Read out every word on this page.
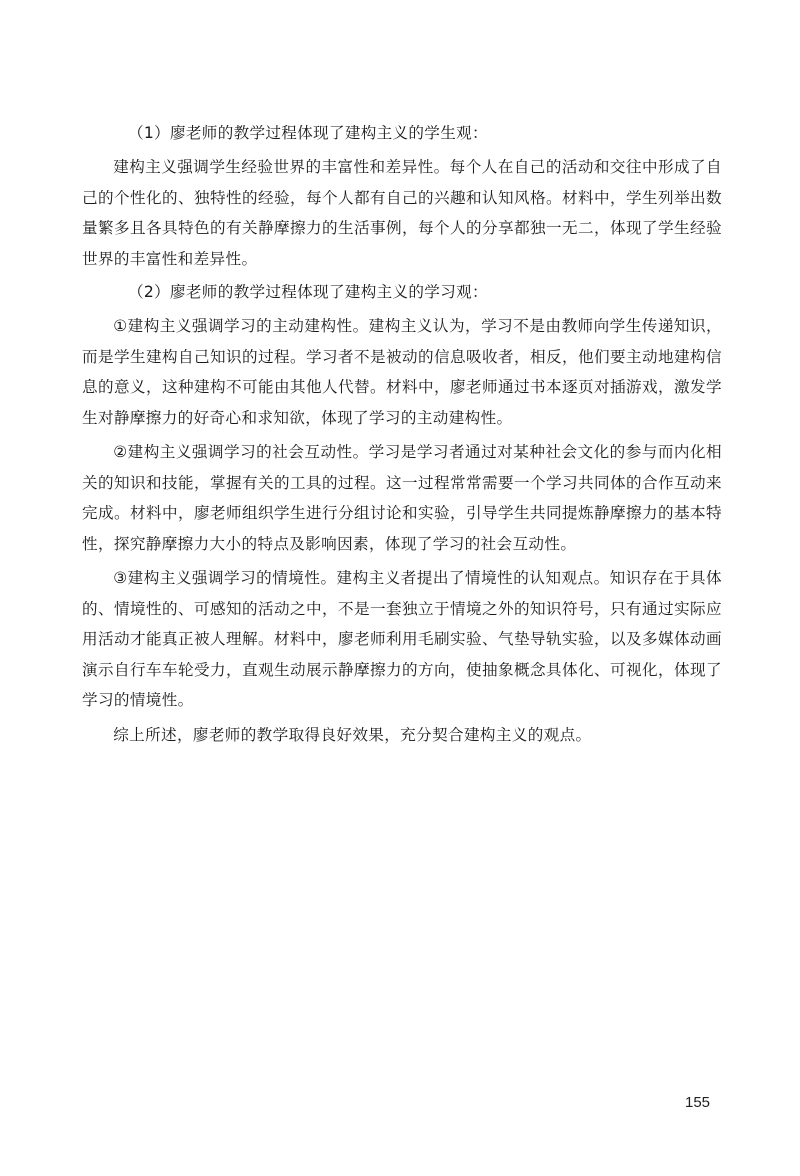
（1）廖老师的教学过程体现了建构主义的学生观：

建构主义强调学生经验世界的丰富性和差异性。每个人在自己的活动和交往中形成了自己的个性化的、独特性的经验，每个人都有自己的兴趣和认知风格。材料中，学生列举出数量繁多且各具特色的有关静摩擦力的生活事例，每个人的分享都独一无二，体现了学生经验世界的丰富性和差异性。

（2）廖老师的教学过程体现了建构主义的学习观：

①建构主义强调学习的主动建构性。建构主义认为，学习不是由教师向学生传递知识，而是学生建构自己知识的过程。学习者不是被动的信息吸收者，相反，他们要主动地建构信息的意义，这种建构不可能由其他人代替。材料中，廖老师通过书本逐页对插游戏，激发学生对静摩擦力的好奇心和求知欲，体现了学习的主动建构性。

②建构主义强调学习的社会互动性。学习是学习者通过对某种社会文化的参与而内化相关的知识和技能，掌握有关的工具的过程。这一过程常常需要一个学习共同体的合作互动来完成。材料中，廖老师组织学生进行分组讨论和实验，引导学生共同提炼静摩擦力的基本特性，探究静摩擦力大小的特点及影响因素，体现了学习的社会互动性。

③建构主义强调学习的情境性。建构主义者提出了情境性的认知观点。知识存在于具体的、情境性的、可感知的活动之中，不是一套独立于情境之外的知识符号，只有通过实际应用活动才能真正被人理解。材料中，廖老师利用毛刷实验、气垫导轨实验，以及多媒体动画演示自行车车轮受力，直观生动展示静摩擦力的方向，使抽象概念具体化、可视化，体现了学习的情境性。

综上所述，廖老师的教学取得良好效果，充分契合建构主义的观点。

155
